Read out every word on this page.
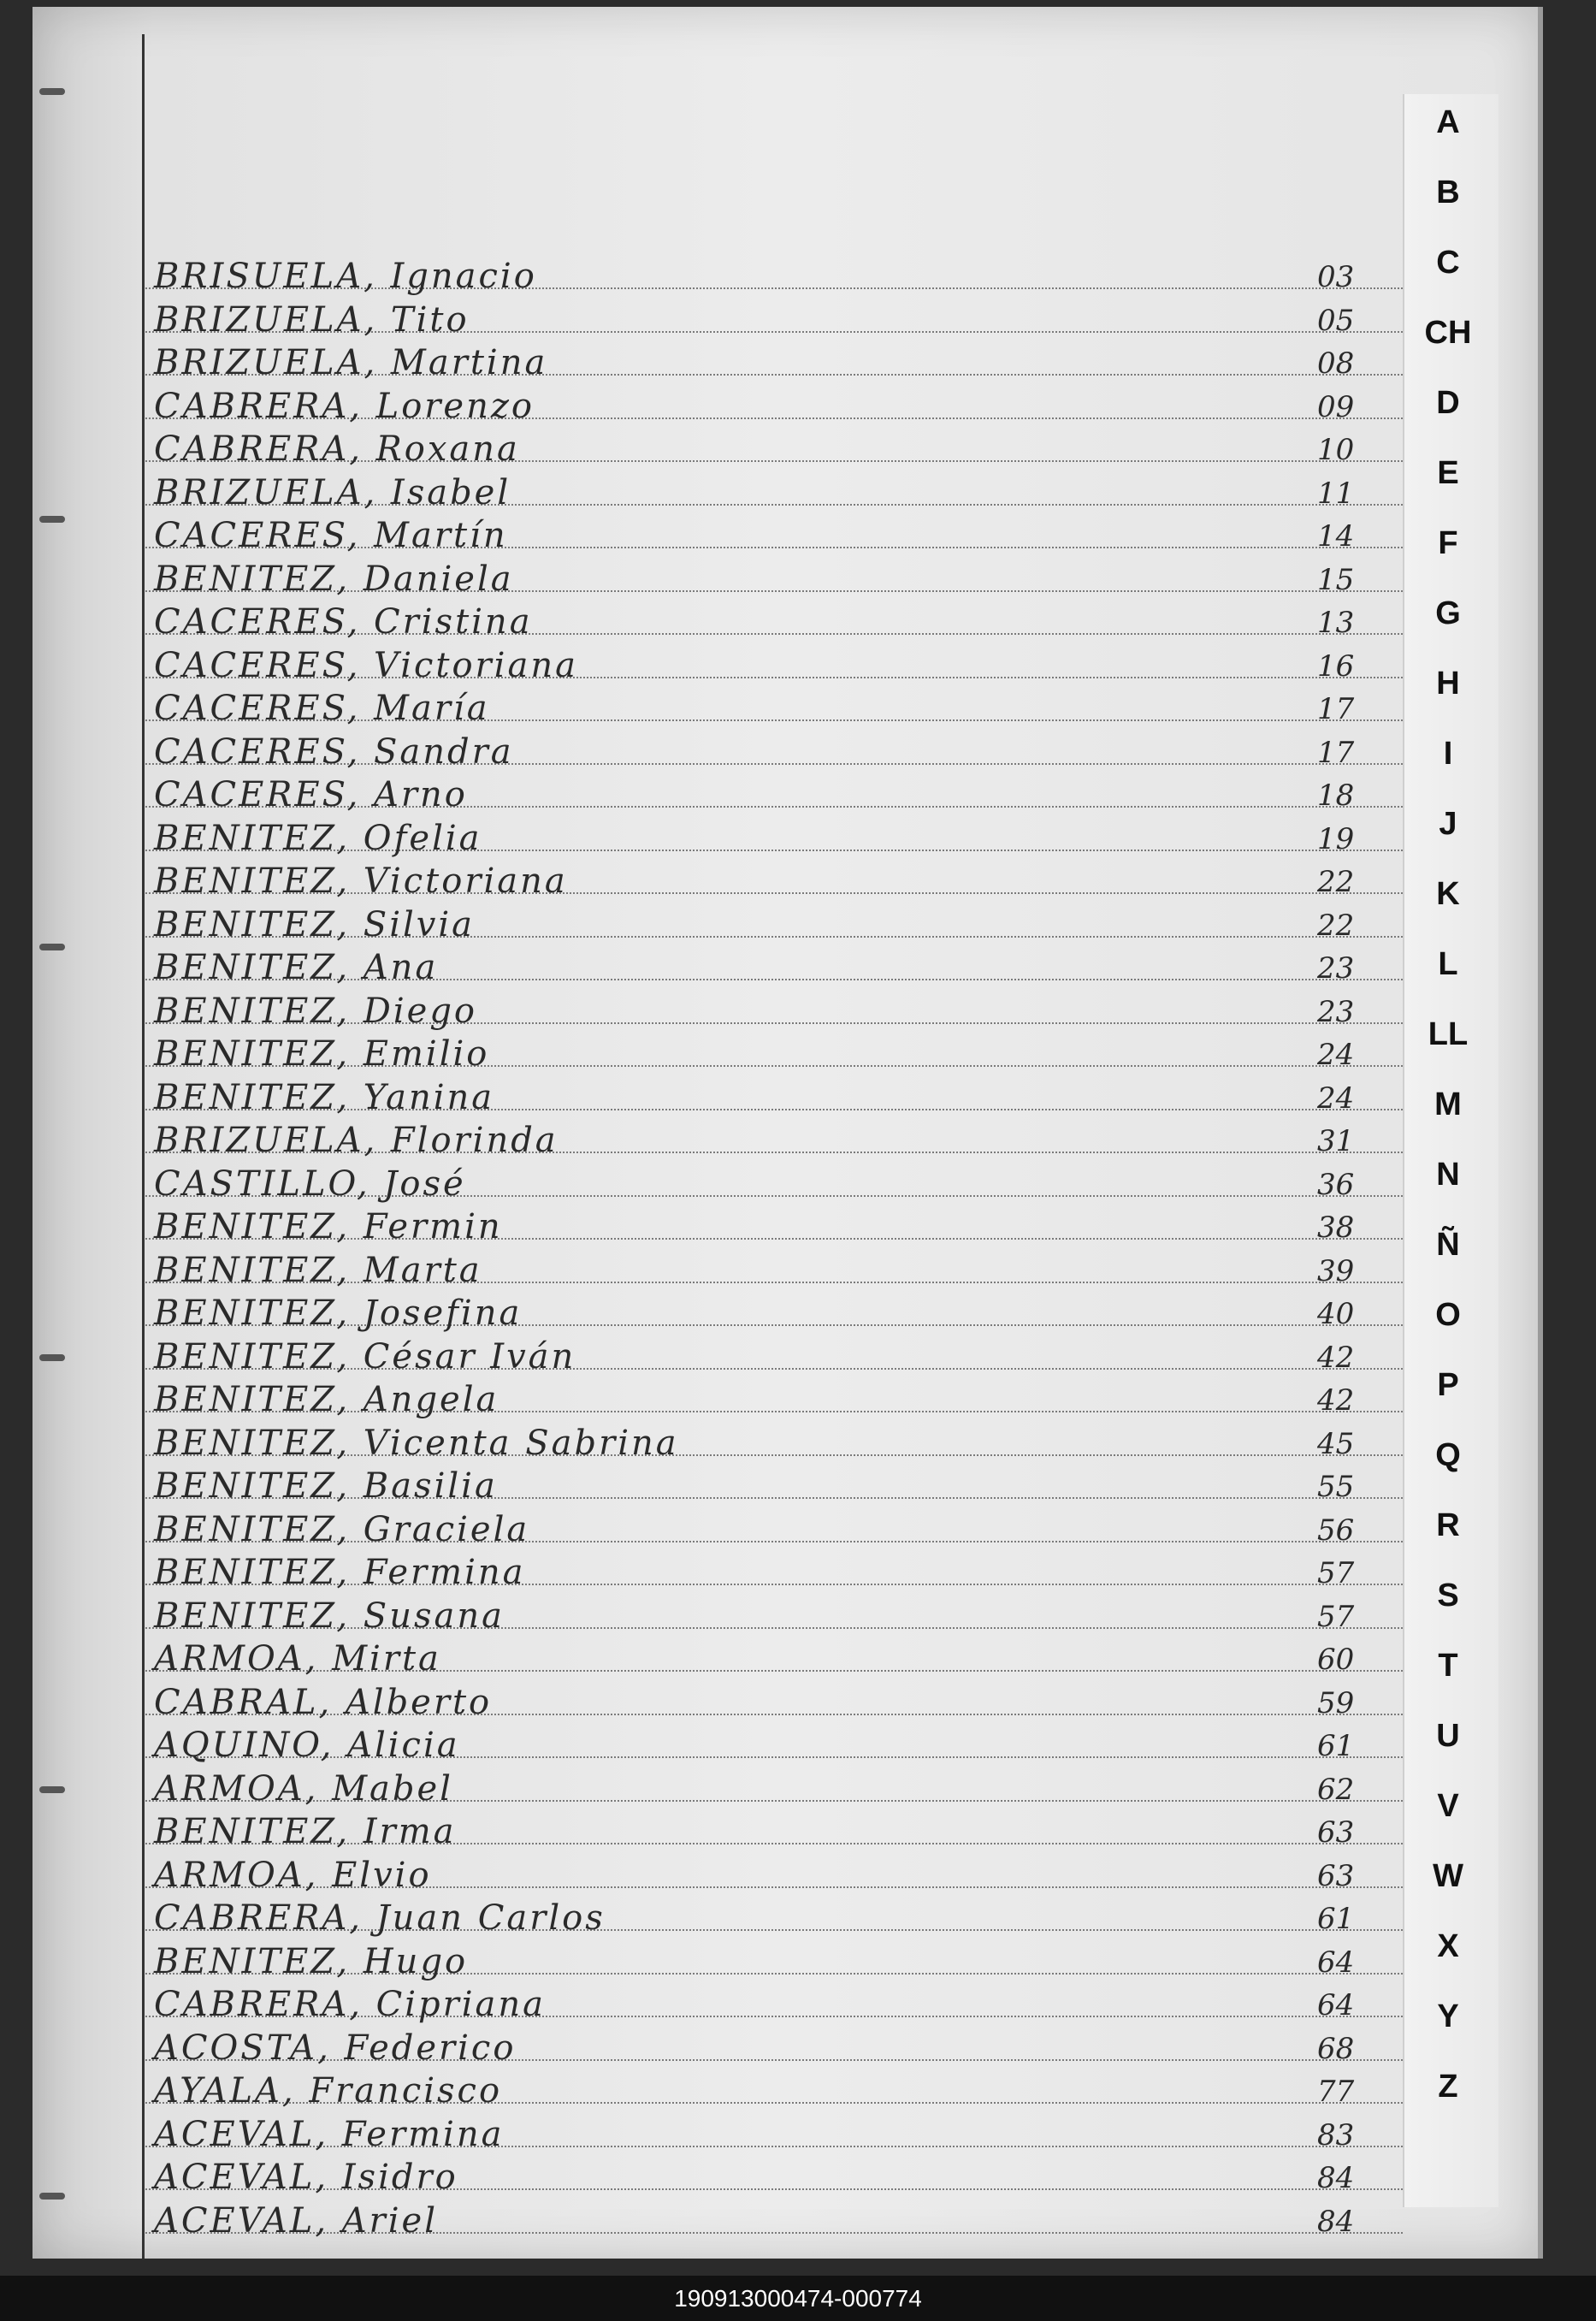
A
B
C
CH
D
E
F
G
H
I
J
K
L
LL
M
N
Ñ
O
P
Q
R
S
T
U
V
W
X
Y
Z
BRISUELA, Ignacio	03
BRIZUELA, Tito	05
BRIZUELA, Martina	08
CABRERA, Lorenzo	09
CABRERA, Roxana	10
BRIZUELA, Isabel	11
CACERES, Martín	14
BENITEZ, Daniela	15
CACERES, Cristina	13
CACERES, Victoriana	16
CACERES, María	17
CACERES, Sandra	17
CACERES, Arno	18
BENITEZ, Ofelia	19
BENITEZ, Victoriana	22
BENITEZ, Silvia	22
BENITEZ, Ana	23
BENITEZ, Diego	23
BENITEZ, Emilio	24
BENITEZ, Yanina	24
BRIZUELA, Florinda	31
CASTILLO, José	36
BENITEZ, Fermin	38
BENITEZ, Marta	39
BENITEZ, Josefina	40
BENITEZ, César Iván	42
BENITEZ, Angela	42
BENITEZ, Vicenta Sabrina	45
BENITEZ, Basilia	55
BENITEZ, Graciela	56
BENITEZ, Fermina	57
BENITEZ, Susana	57
ARMOA, Mirta	60
CABRAL, Alberto	59
AQUINO, Alicia	61
ARMOA, Mabel	62
BENITEZ, Irma	63
ARMOA, Elvio	63
CABRERA, Juan Carlos	61
BENITEZ, Hugo	64
CABRERA, Cipriana	64
ACOSTA, Federico	68
AYALA, Francisco	77
ACEVAL, Fermina	83
ACEVAL, Isidro	84
ACEVAL, Ariel	84
190913000474-000774
